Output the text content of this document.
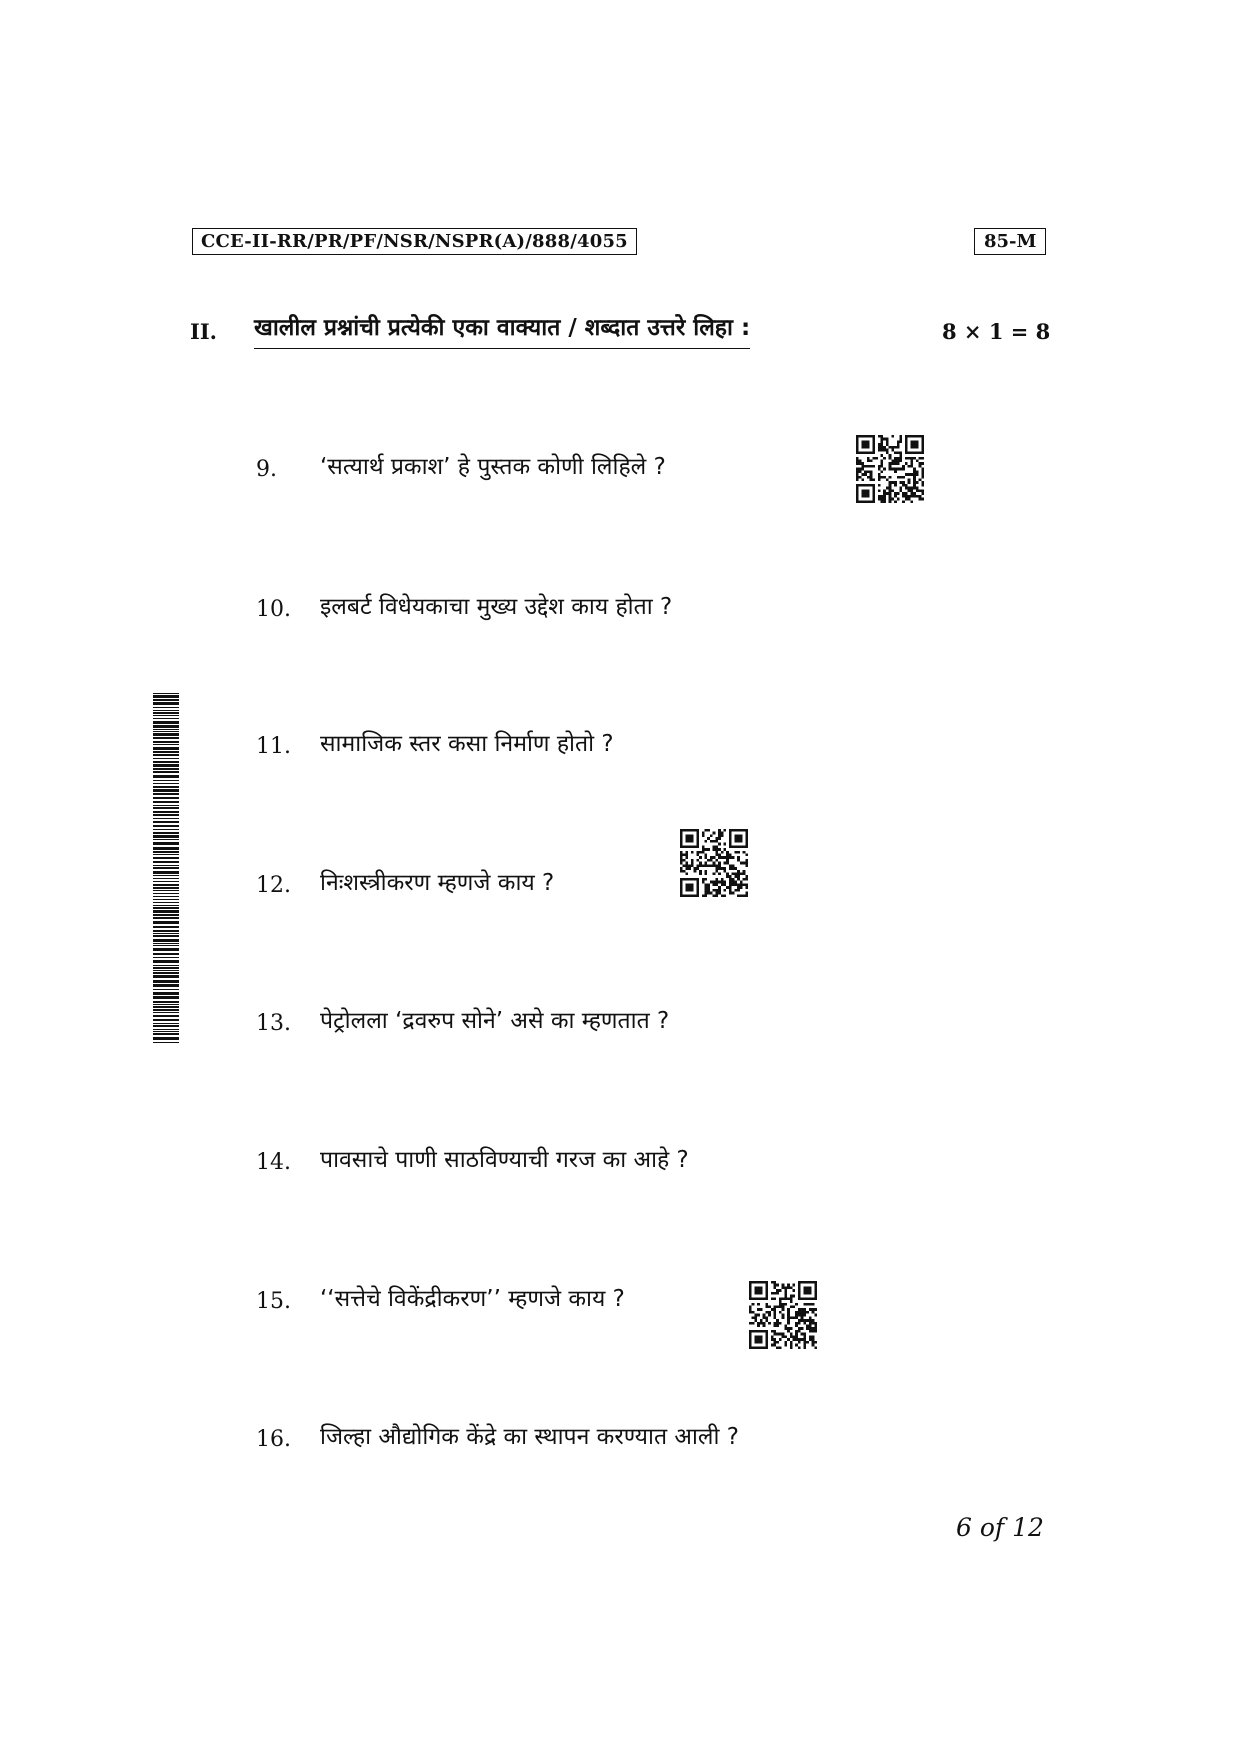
CCE-II-RR/PR/PF/NSR/NSPR(A)/888/4055	85-M
II. खालील प्रश्नांची प्रत्येकी एका वाक्यात / शब्दात उत्तरे लिहा :	8 × 1 = 8
9. ‘सत्यार्थ प्रकाश’ हे पुस्तक कोणी लिहिले ?
10. इलबर्ट विधेयकाचा मुख्य उद्देश काय होता ?
11. सामाजिक स्तर कसा निर्माण होतो ?
12. निःशस्त्रीकरण म्हणजे काय ?
13. पेट्रोलला ‘द्रवरुप सोने’ असे का म्हणतात ?
14. पावसाचे पाणी साठविण्याची गरज का आहे ?
15. ‘‘सत्तेचे विकेंद्रीकरण’’ म्हणजे काय ?
16. जिल्हा औद्योगिक केंद्रे का स्थापन करण्यात आली ?
6 of 12
